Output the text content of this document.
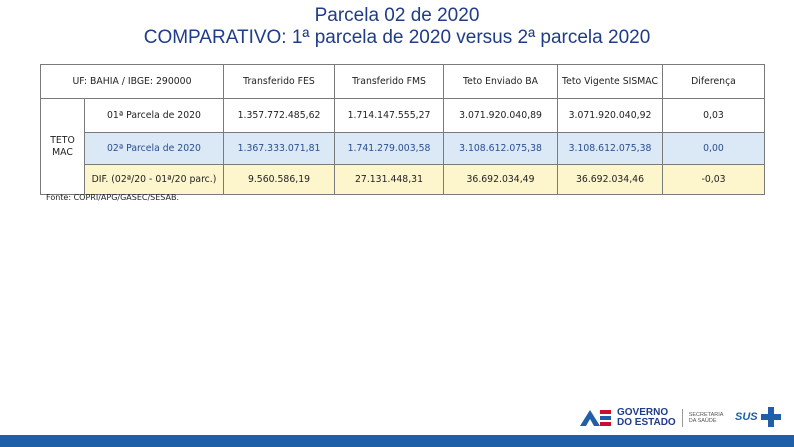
Parcela 02 de 2020
COMPARATIVO: 1ª parcela de 2020 versus 2ª parcela 2020
UF: BAHIA / IBGE: 290000		Transferido FES	Transferido FMS	Teto Enviado BA	Teto Vigente SISMAC	Diferença
TETO
MAC	01ª Parcela de 2020	1.357.772.485,62	1.714.147.555,27	3.071.920.040,89	3.071.920.040,92	0,03
	02ª Parcela de 2020	1.367.333.071,81	1.741.279.003,58	3.108.612.075,38	3.108.612.075,38	0,00
	DIF. (02ª/20 - 01ª/20 parc.)	9.560.586,19	27.131.448,31	36.692.034,49	36.692.034,46	-0,03
Fonte: COPRI/APG/GASEC/SESAB.
GOVERNO
DO ESTADO
SECRETARIA
DA SAÚDE	SUS
